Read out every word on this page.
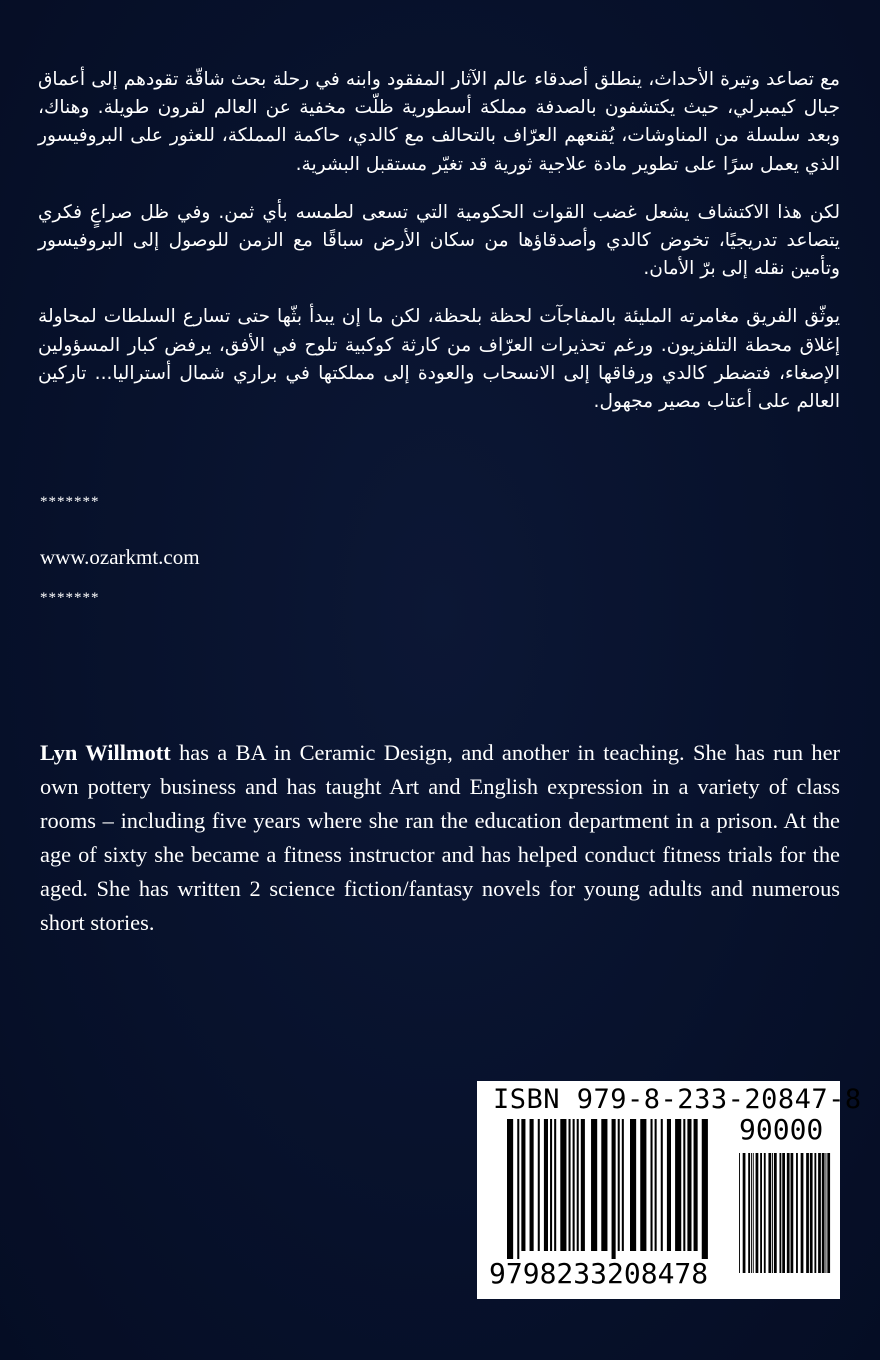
مع تصاعد وتيرة الأحداث، ينطلق أصدقاء عالم الآثار المفقود وابنه في رحلة بحث شاقّة تقودهم إلى أعماق جبال كيمبرلي، حيث يكتشفون بالصدفة مملكة أسطورية ظلّت مخفية عن العالم لقرون طويلة. وهناك، وبعد سلسلة من المناوشات، يُقنعهم العرّاف بالتحالف مع كالدي، حاكمة المملكة، للعثور على البروفيسور الذي يعمل سرًا على تطوير مادة علاجية ثورية قد تغيّر مستقبل البشرية.

لكن هذا الاكتشاف يشعل غضب القوات الحكومية التي تسعى لطمسه بأي ثمن. وفي ظل صراعٍ فكري يتصاعد تدريجيًا، تخوض كالدي وأصدقاؤها من سكان الأرض سباقًا مع الزمن للوصول إلى البروفيسور وتأمين نقله إلى برّ الأمان.

يوثّق الفريق مغامرته المليئة بالمفاجآت لحظة بلحظة، لكن ما إن يبدأ بثّها حتى تسارع السلطات لمحاولة إغلاق محطة التلفزيون. ورغم تحذيرات العرّاف من كارثة كوكبية تلوح في الأفق، يرفض كبار المسؤولين الإصغاء، فتضطر كالدي ورفاقها إلى الانسحاب والعودة إلى مملكتها في براري شمال أستراليا... تاركين العالم على أعتاب مصير مجهول.

*******
www.ozarkmt.com
*******
Lyn Willmott has a BA in Ceramic Design, and another in teaching. She has run her own pottery business and has taught Art and English expression in a variety of class rooms – including five years where she ran the education department in a prison. At the age of sixty she became a fitness instructor and has helped conduct fitness trials for the aged. She has written 2 science fiction/fantasy novels for young adults and numerous short stories.
ISBN 979-8-233-20847-8
90000
9798233208478
